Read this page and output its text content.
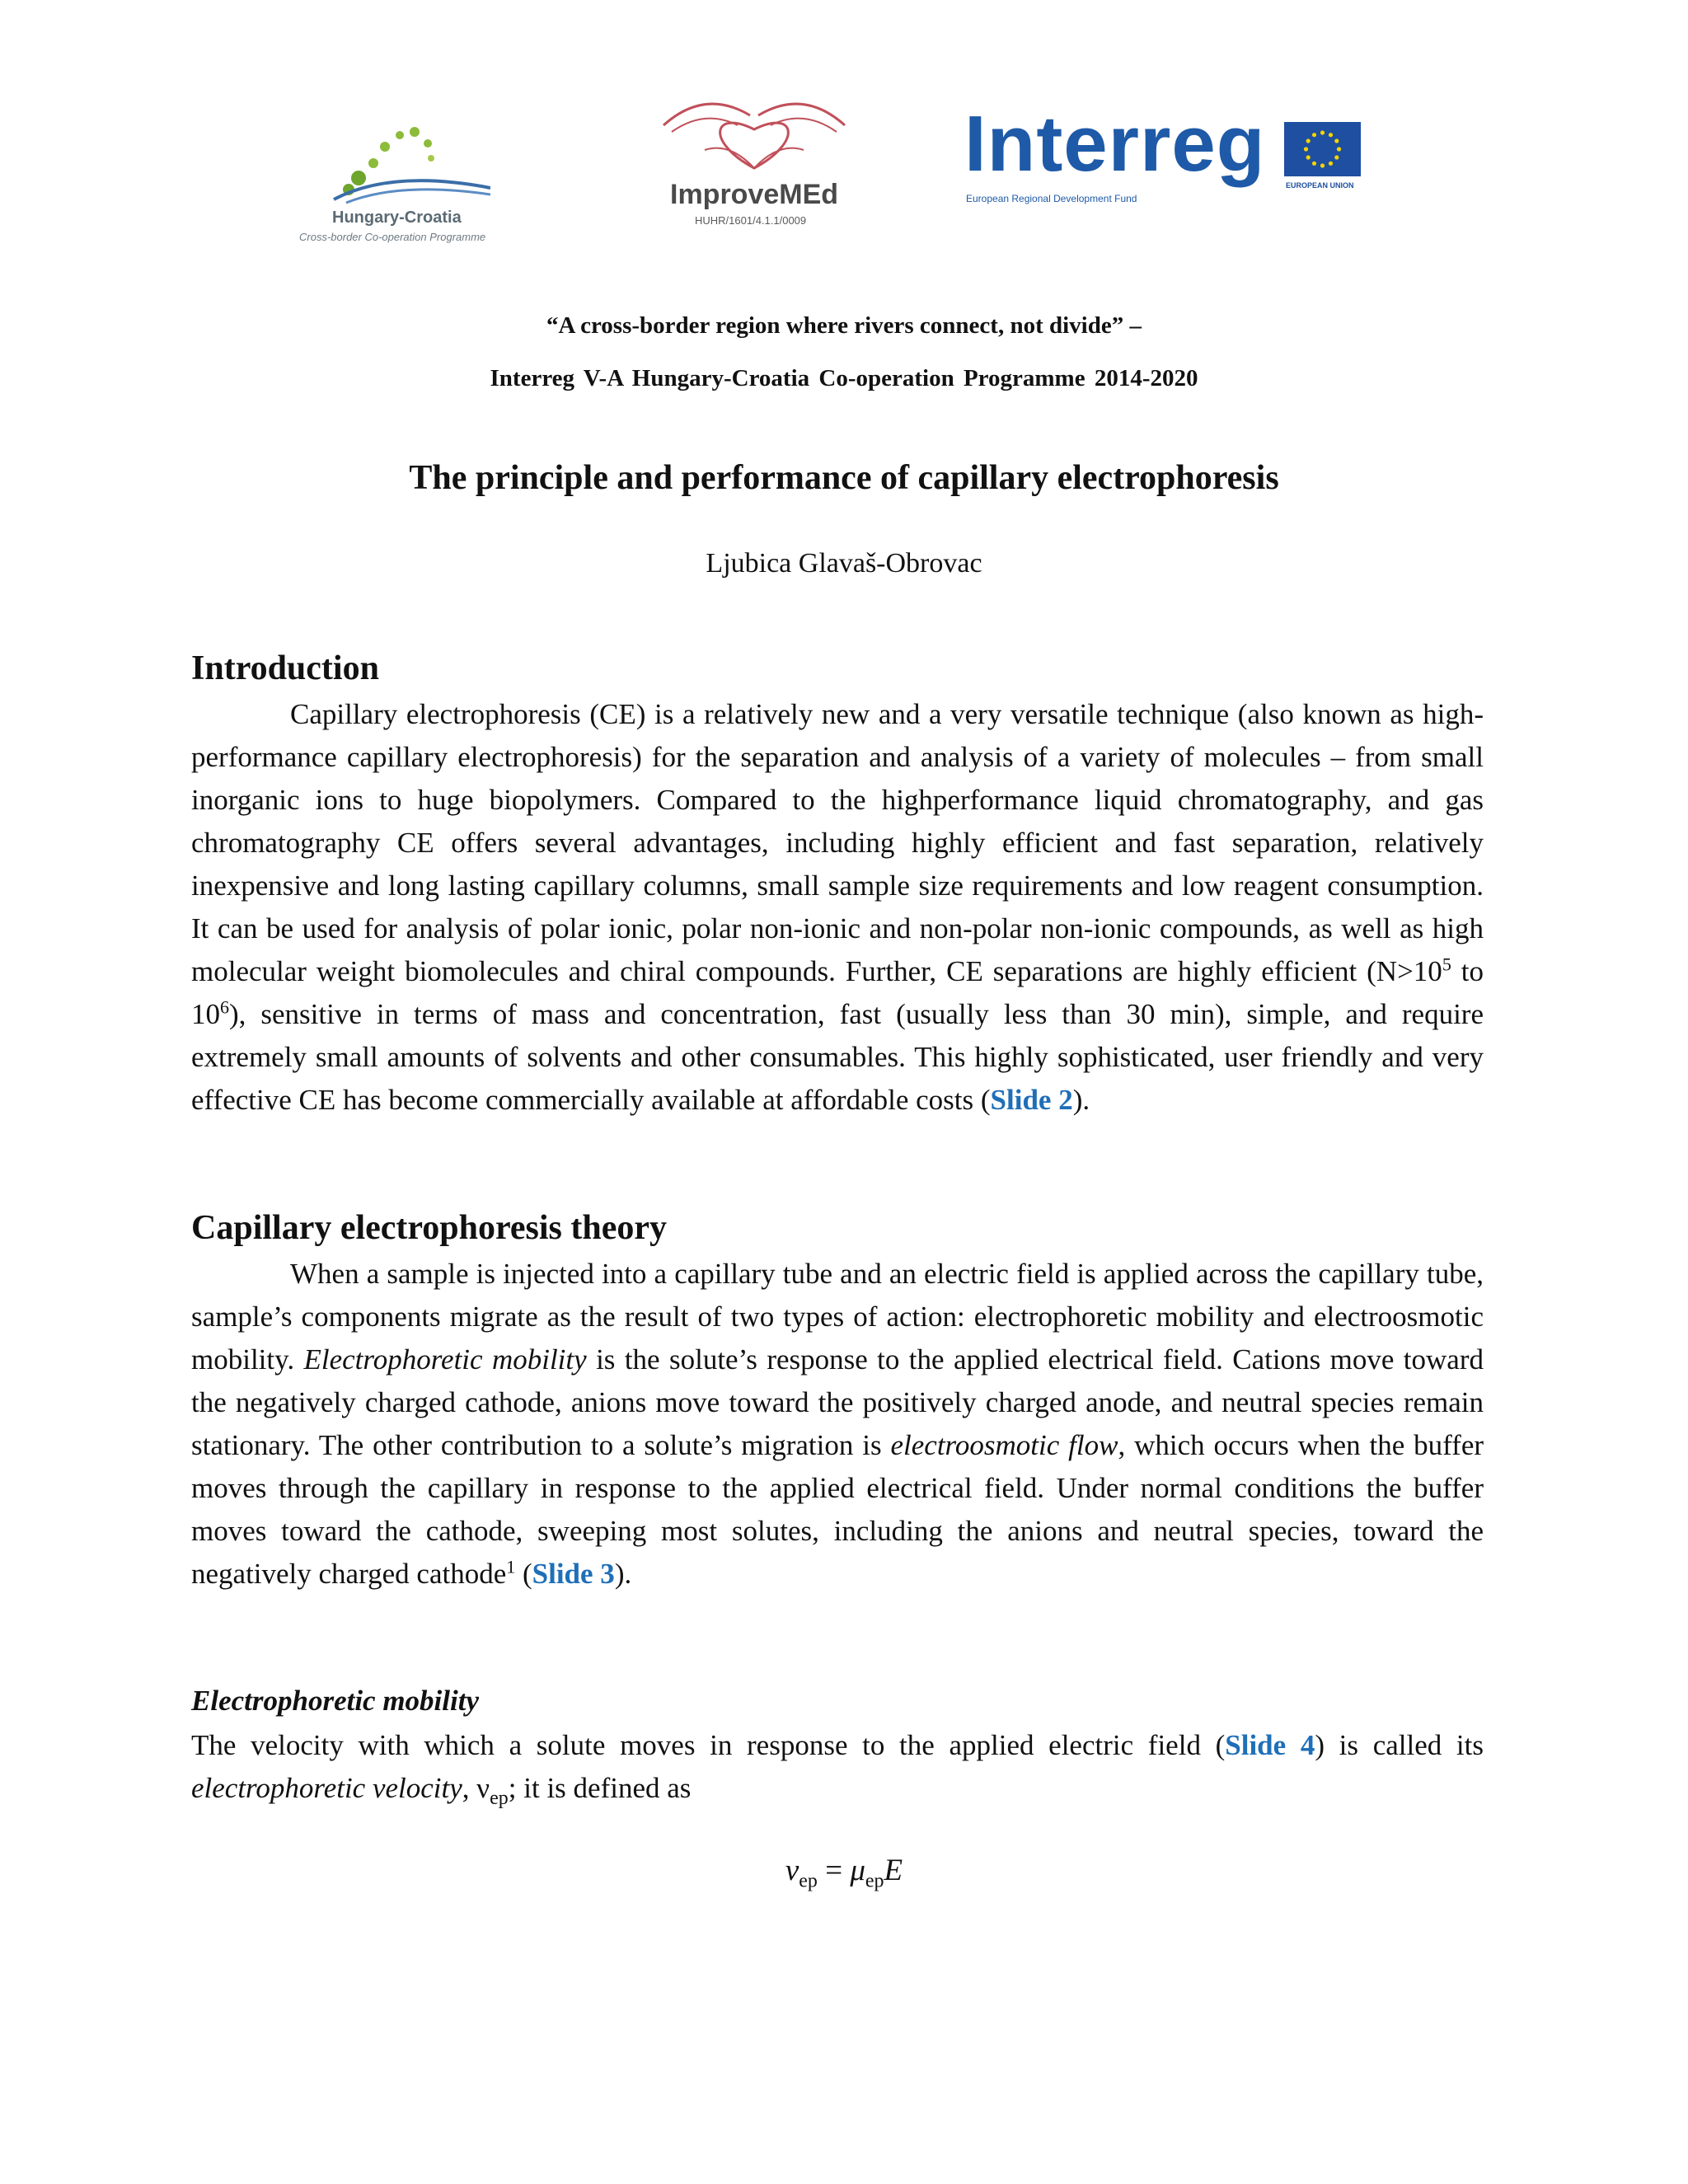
Hungary-Croatia
Cross-border Co-operation Programme
ImproveMEd
HUHR/1601/4.1.1/0009
Interreg
European Regional Development Fund
EUROPEAN UNION
“A cross-border region where rivers connect, not divide” –
Interreg V-A Hungary-Croatia Co-operation Programme 2014-2020
The principle and performance of capillary electrophoresis
Ljubica Glavaš-Obrovac
Introduction

Capillary electrophoresis (CE) is a relatively new and a very versatile technique (also known as high-performance capillary electrophoresis) for the separation and analysis of a variety of molecules – from small inorganic ions to huge biopolymers. Compared to the highperformance liquid chromatography, and gas chromatography CE offers several advantages, including highly efficient and fast separation, relatively inexpensive and long lasting capillary columns, small sample size requirements and low reagent consumption. It can be used for analysis of polar ionic, polar non-ionic and non-polar non-ionic compounds, as well as high molecular weight biomolecules and chiral compounds. Further, CE separations are highly efficient ($N>10^5$ to $10^6$), sensitive in terms of mass and concentration, fast (usually less than 30 min), simple, and require extremely small amounts of solvents and other consumables. This highly sophisticated, user friendly and very effective CE has become commercially available at affordable costs (Slide 2).

Capillary electrophoresis theory

When a sample is injected into a capillary tube and an electric field is applied across the capillary tube, sample’s components migrate as the result of two types of action: electrophoretic mobility and electroosmotic mobility. Electrophoretic mobility is the solute’s response to the applied electrical field. Cations move toward the negatively charged cathode, anions move toward the positively charged anode, and neutral species remain stationary. The other contribution to a solute’s migration is electroosmotic flow, which occurs when the buffer moves through the capillary in response to the applied electrical field. Under normal conditions the buffer moves toward the cathode, sweeping most solutes, including the anions and neutral species, toward the negatively charged cathode$^1$ (Slide 3).

Electrophoretic mobility

The velocity with which a solute moves in response to the applied electric field (Slide 4) is called its electrophoretic velocity, $\nu_{ep}$; it is defined as

$\nu_{ep} = \mu_{ep}E$
